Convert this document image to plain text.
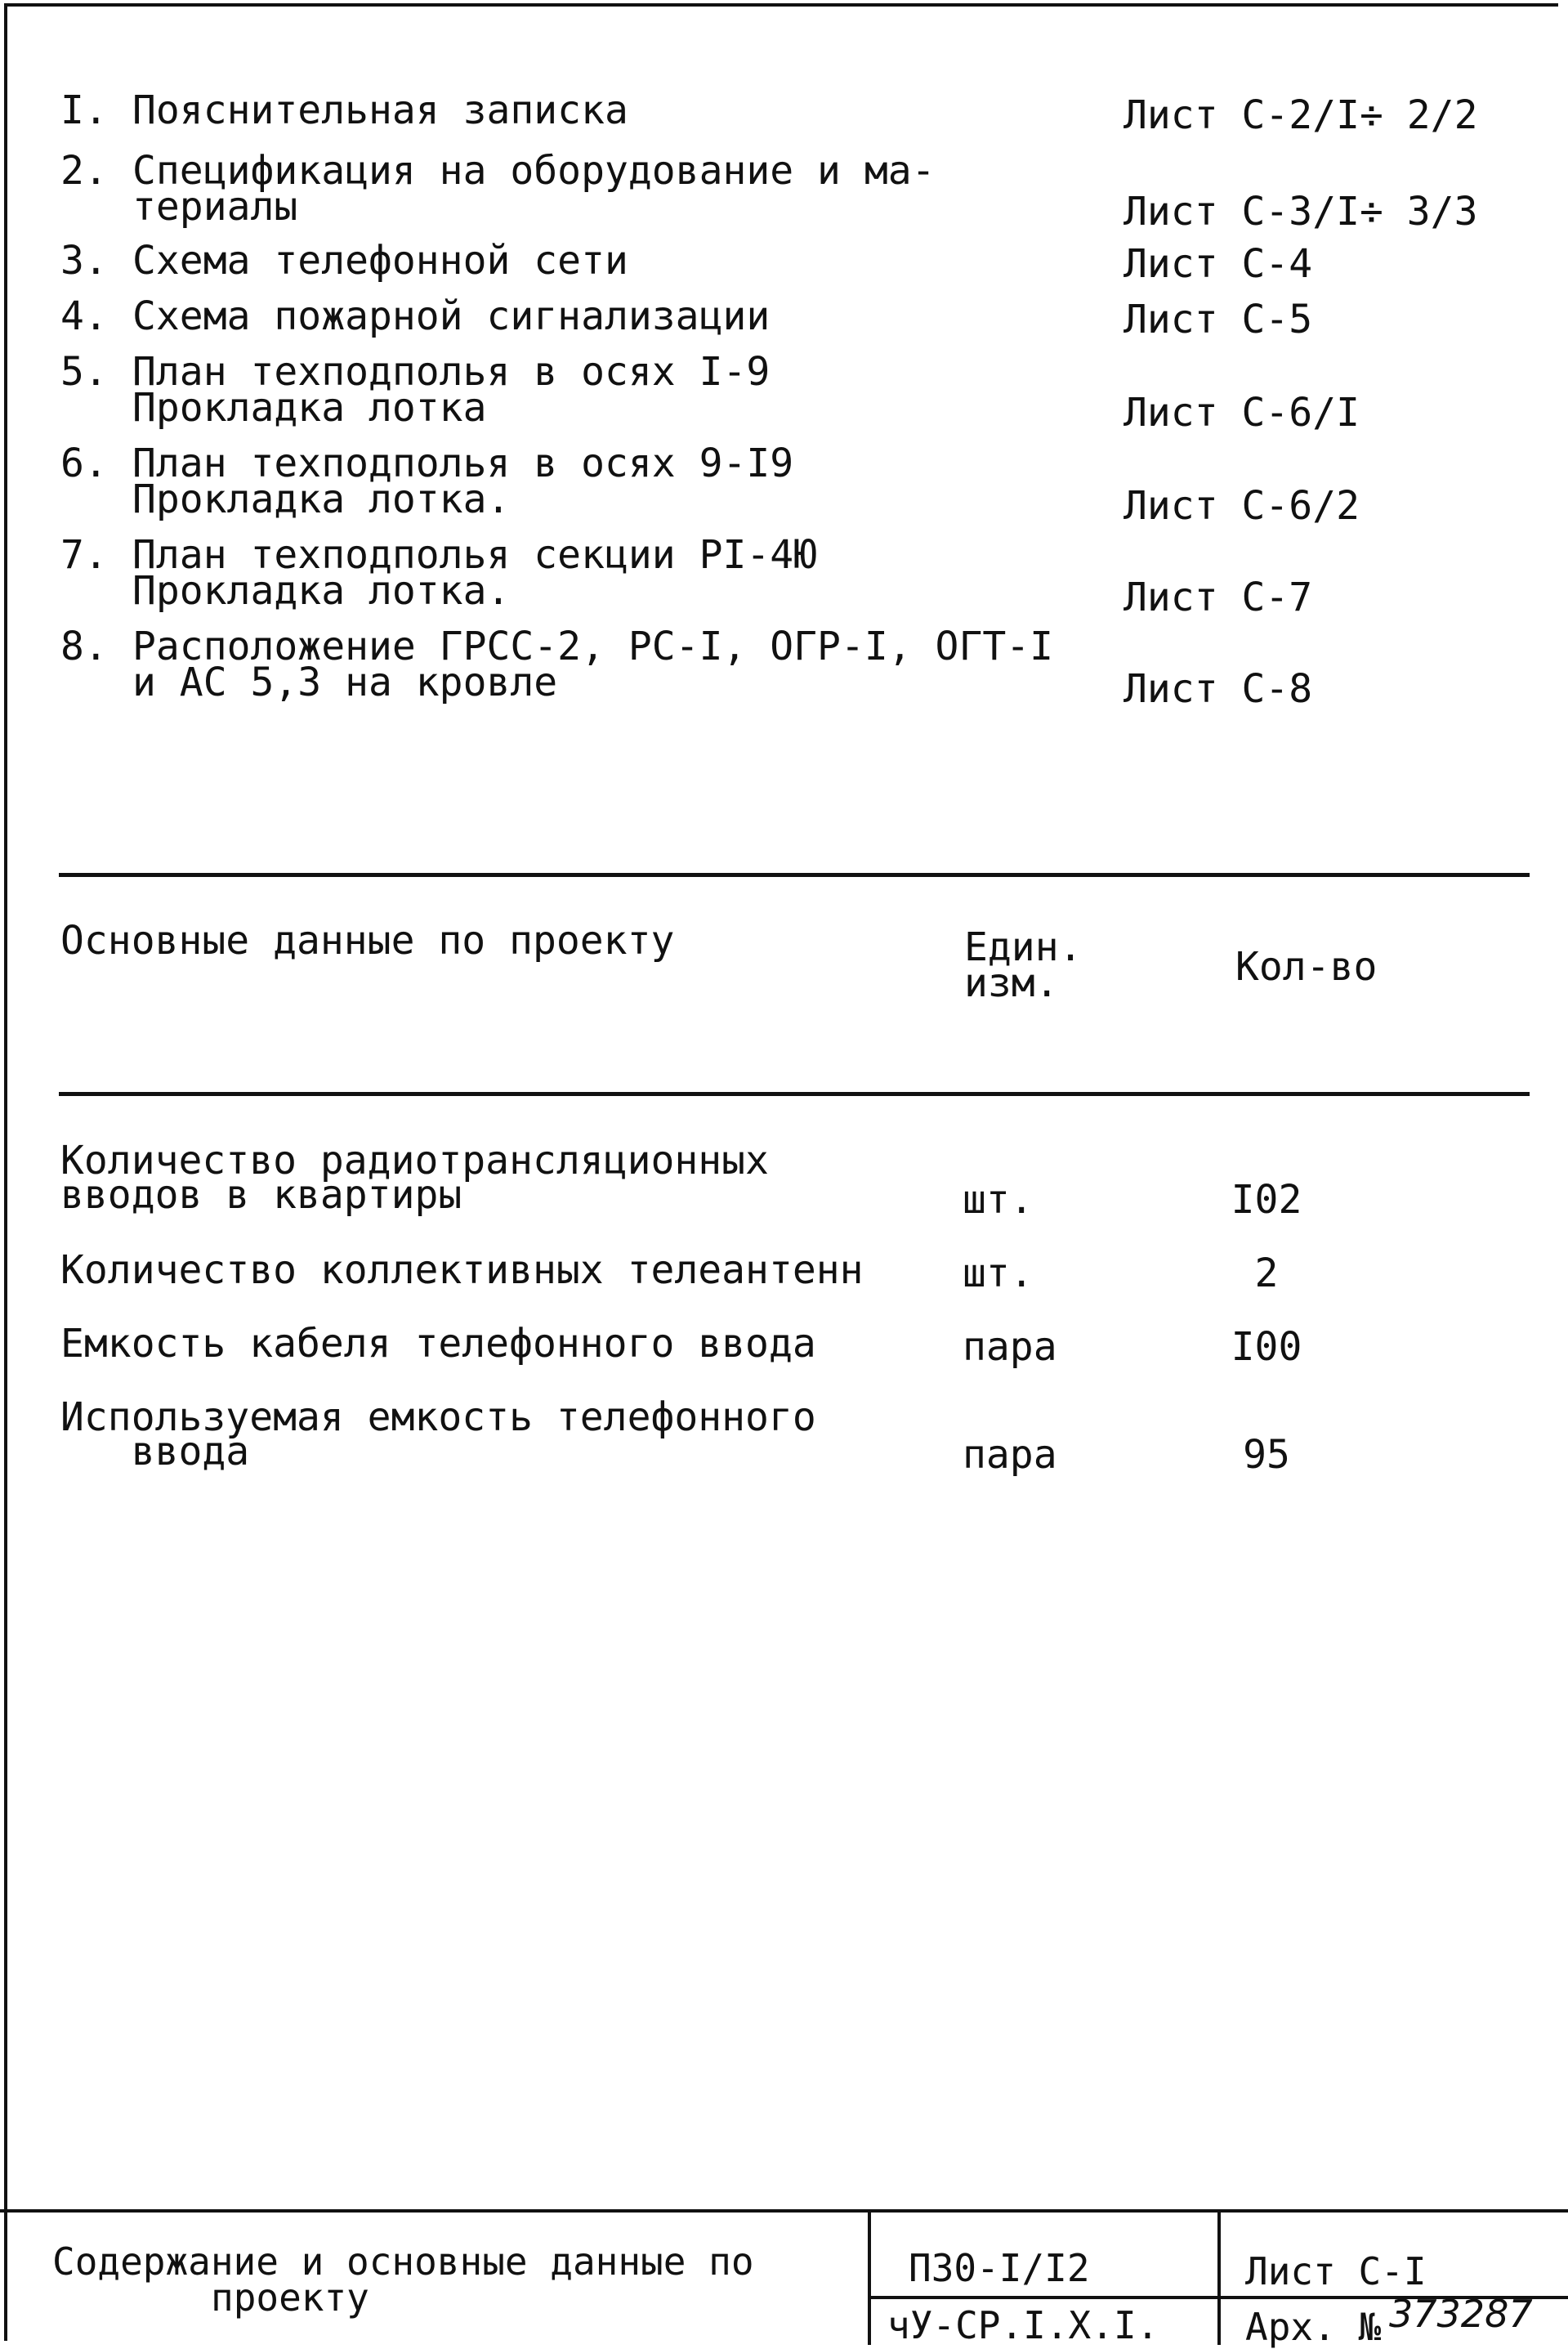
I. Пояснительная записка	Лист С-2/I÷ 2/2
2. Спецификация на оборудование и ма-
териалы	Лист С-3/I÷ 3/3
3. Схема телефонной сети	Лист С-4
4. Схема пожарной сигнализации	Лист С-5
5. План техподполья в осях I-9
Прокладка лотка	Лист С-6/I
6. План техподполья в осях 9-I9
Прокладка лотка.	Лист С-6/2
7. План техподполья секции PI-4Ю
Прокладка лотка.	Лист С-7
8. Расположение ГРСС-2, РС-I, ОГР-I, ОГТ-I
и АС 5,3 на кровле	Лист С-8
Основные данные по проекту	Един.
изм.	Кол-во
Количество радиотрансляционных
вводов в квартиры	шт.	I02
Количество коллективных телеантенн	шт.	2
Емкость кабеля телефонного ввода	пара	I00
Используемая емкость телефонного
ввода	пара	95
Содержание и основные данные по
проекту
П30-I/I2	Лист С-I
чУ-СР.I.Х.I. Арх. № 373287
